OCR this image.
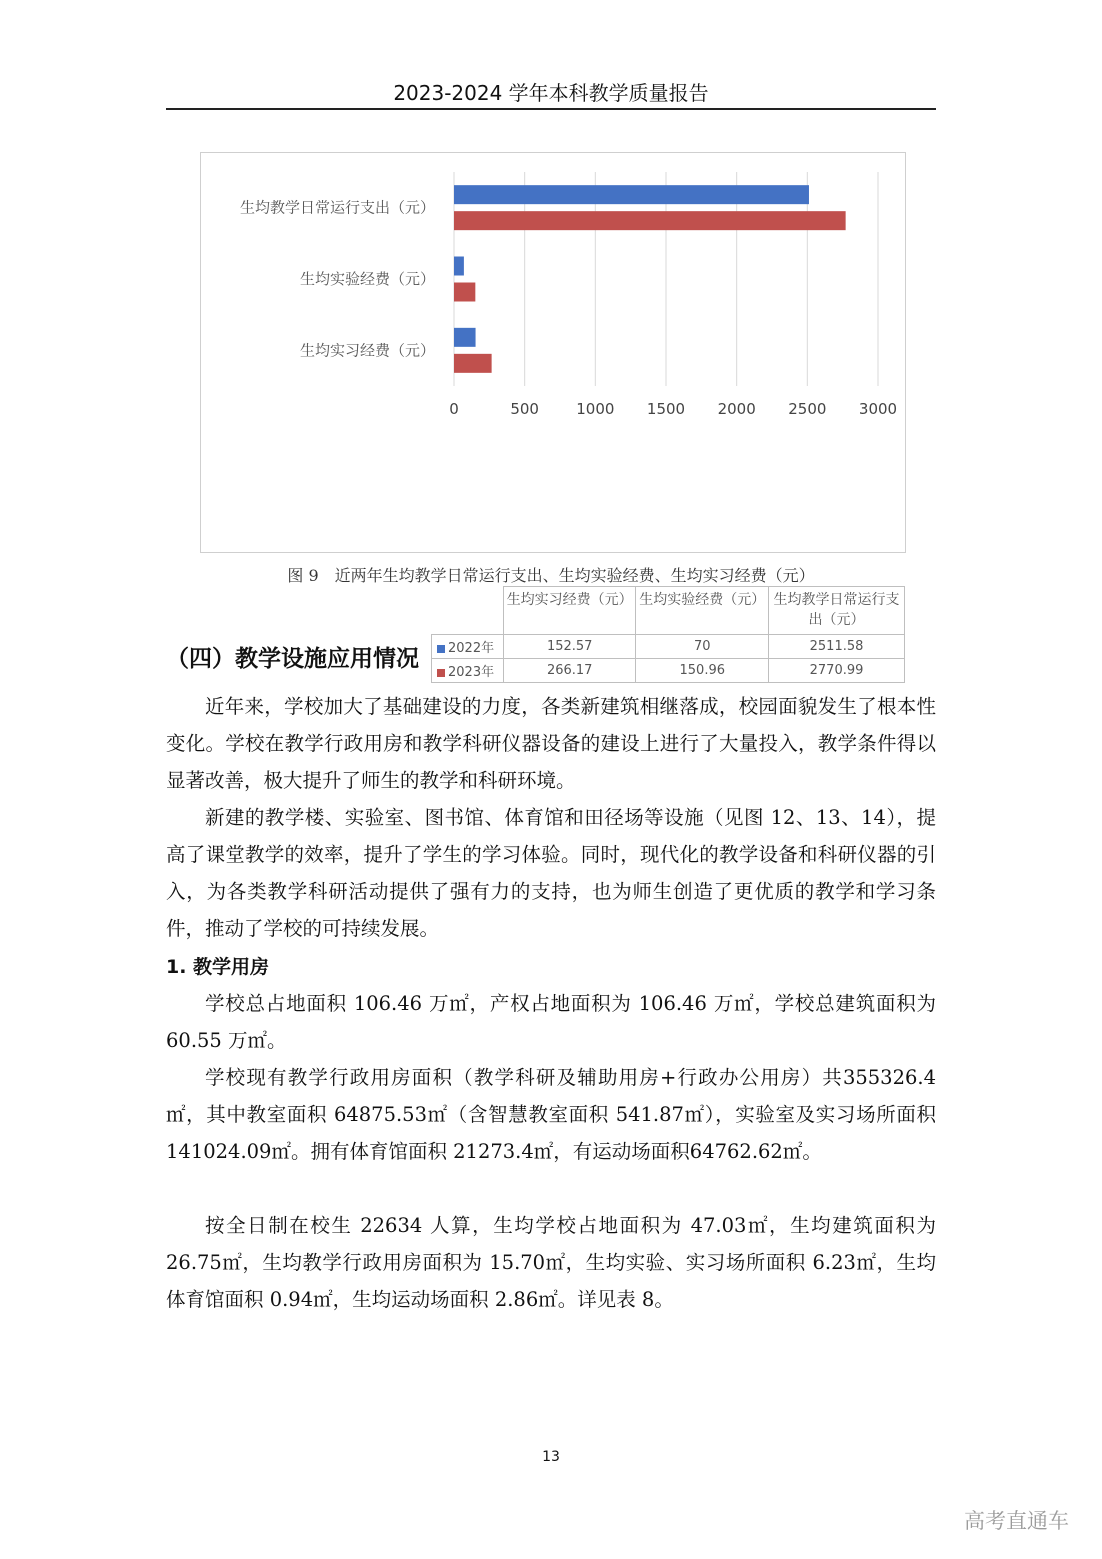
2023-2024 学年本科教学质量报告
0	500 1000 1500 2000 2500 3000
生均教学日常运行支出（元）
生均实验经费（元）
生均实习经费（元）
	生均实习经费（元）	生均实验经费（元）	生均教学日常运行支出（元）
2022年	152.57	70	2511.58
2023年	266.17	150.96	2770.99
图 9　近两年生均教学日常运行支出、生均实验经费、生均实习经费（元）
（四）教学设施应用情况

近年来，学校加大了基础建设的力度，各类新建筑相继落成，校园面貌发生了根本性变化。学校在教学行政用房和教学科研仪器设备的建设上进行了大量投入，教学条件得以显著改善，极大提升了师生的教学和科研环境。

新建的教学楼、实验室、图书馆、体育馆和田径场等设施（见图 12、13、14），提高了课堂教学的效率，提升了学生的学习体验。同时，现代化的教学设备和科研仪器的引入，为各类教学科研活动提供了强有力的支持，也为师生创造了更优质的教学和学习条件，推动了学校的可持续发展。

1. 教学用房

学校总占地面积 106.46 万㎡，产权占地面积为 106.46 万㎡，学校总建筑面积为 60.55 万㎡。

学校现有教学行政用房面积（教学科研及辅助用房+行政办公用房）共355326.4㎡，其中教室面积 64875.53㎡（含智慧教室面积 541.87㎡），实验室及实习场所面积 141024.09㎡。拥有体育馆面积 21273.4㎡，有运动场面积64762.62㎡。

按全日制在校生 22634 人算，生均学校占地面积为 47.03㎡，生均建筑面积为 26.75㎡，生均教学行政用房面积为 15.70㎡，生均实验、实习场所面积 6.23㎡，生均体育馆面积 0.94㎡，生均运动场面积 2.86㎡。详见表 8。

13
高考直通车
